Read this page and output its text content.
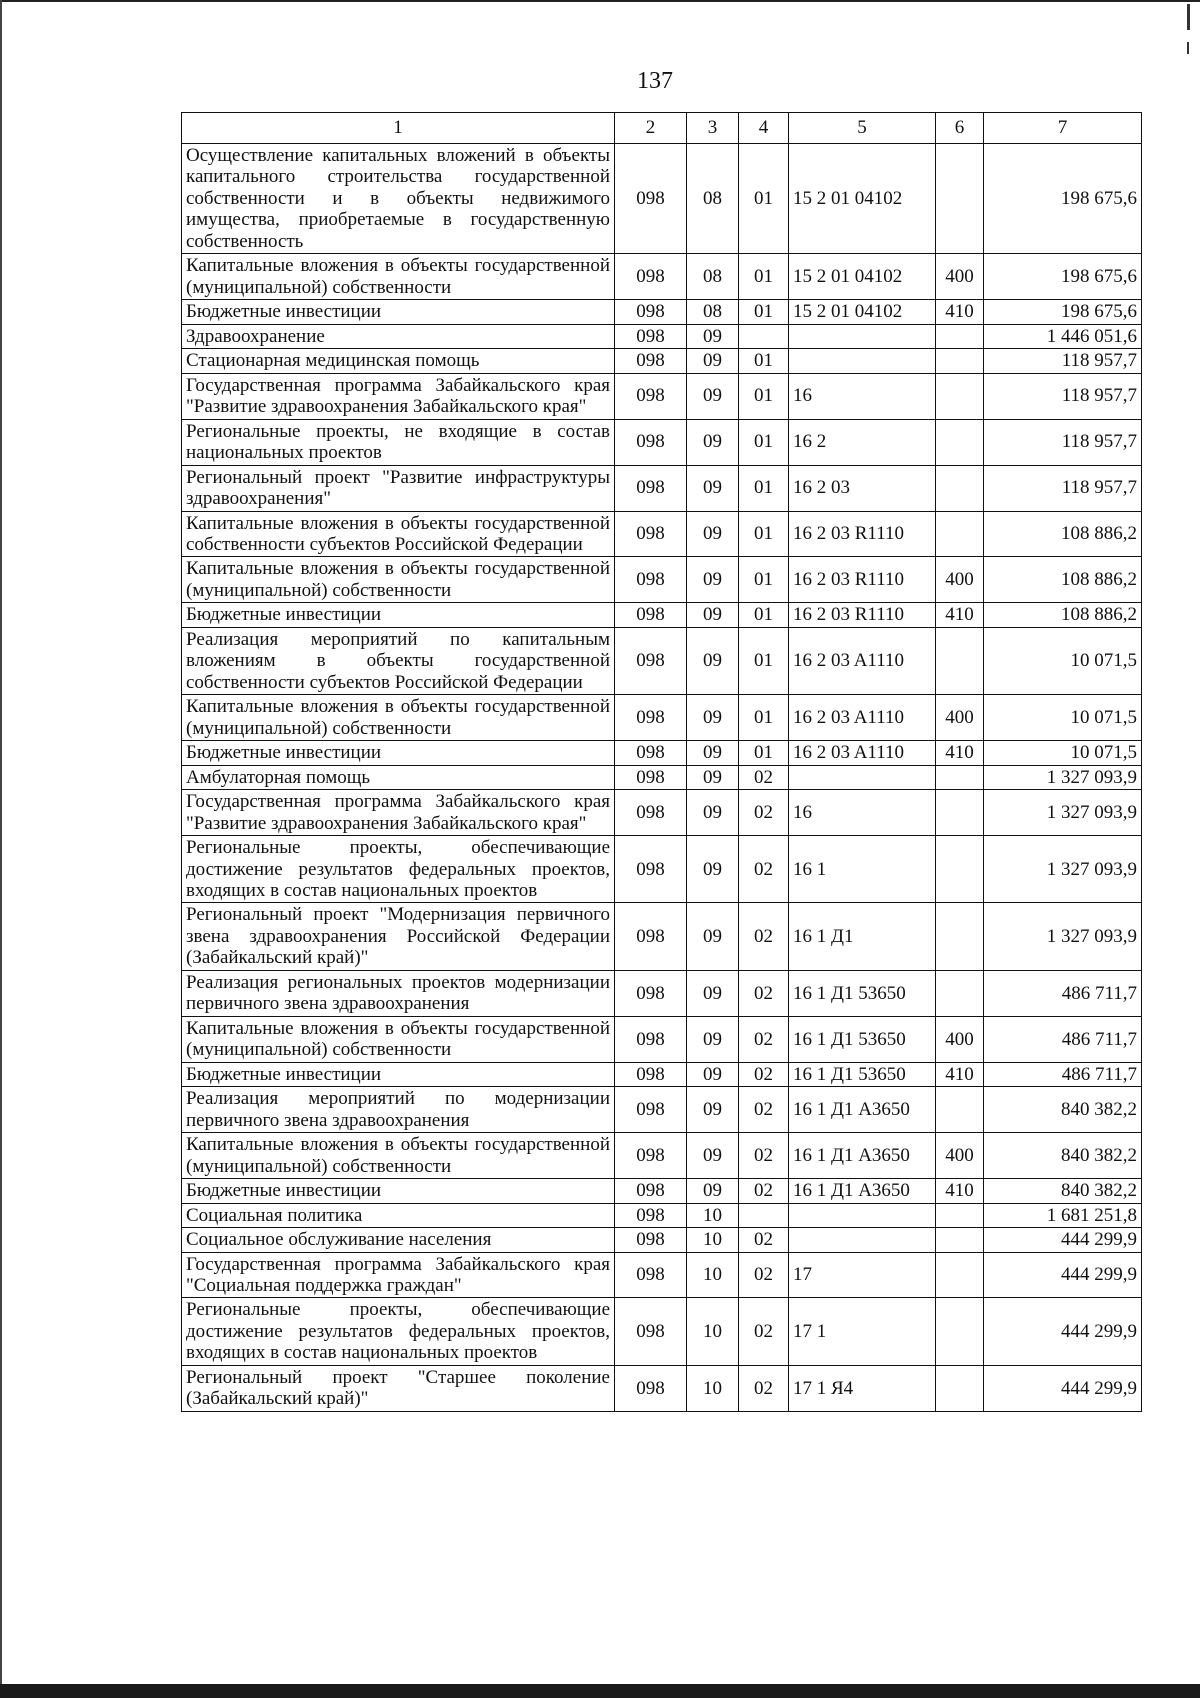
137
1	2	3	4	5	6	7
Осуществление капитальных вложений в объекты капитального строительства государственной собственности и в объекты недвижимого имущества, приобретаемые в государственную собственность	098	08	01	15 2 01 04102		198 675,6
Капитальные вложения в объекты государственной (муниципальной) собственности	098	08	01	15 2 01 04102	400	198 675,6
Бюджетные инвестиции	098	08	01	15 2 01 04102	410	198 675,6
Здравоохранение	098	09				1 446 051,6
Стационарная медицинская помощь	098	09	01			118 957,7
Государственная программа Забайкальского края "Развитие здравоохранения Забайкальского края"	098	09	01	16		118 957,7
Региональные проекты, не входящие в состав национальных проектов	098	09	01	16 2		118 957,7
Региональный проект "Развитие инфраструктуры здравоохранения"	098	09	01	16 2 03		118 957,7
Капитальные вложения в объекты государственной собственности субъектов Российской Федерации	098	09	01	16 2 03 R1110		108 886,2
Капитальные вложения в объекты государственной (муниципальной) собственности	098	09	01	16 2 03 R1110	400	108 886,2
Бюджетные инвестиции	098	09	01	16 2 03 R1110	410	108 886,2
Реализация мероприятий по капитальным вложениям в объекты государственной собственности субъектов Российской Федерации	098	09	01	16 2 03 A1110		10 071,5
Капитальные вложения в объекты государственной (муниципальной) собственности	098	09	01	16 2 03 A1110	400	10 071,5
Бюджетные инвестиции	098	09	01	16 2 03 A1110	410	10 071,5
Амбулаторная помощь	098	09	02			1 327 093,9
Государственная программа Забайкальского края "Развитие здравоохранения Забайкальского края"	098	09	02	16		1 327 093,9
Региональные проекты, обеспечивающие достижение результатов федеральных проектов, входящих в состав национальных проектов	098	09	02	16 1		1 327 093,9
Региональный проект "Модернизация первичного звена здравоохранения Российской Федерации (Забайкальский край)"	098	09	02	16 1 Д1		1 327 093,9
Реализация региональных проектов модернизации первичного звена здравоохранения	098	09	02	16 1 Д1 53650		486 711,7
Капитальные вложения в объекты государственной (муниципальной) собственности	098	09	02	16 1 Д1 53650	400	486 711,7
Бюджетные инвестиции	098	09	02	16 1 Д1 53650	410	486 711,7
Реализация мероприятий по модернизации первичного звена здравоохранения	098	09	02	16 1 Д1 А3650		840 382,2
Капитальные вложения в объекты государственной (муниципальной) собственности	098	09	02	16 1 Д1 А3650	400	840 382,2
Бюджетные инвестиции	098	09	02	16 1 Д1 А3650	410	840 382,2
Социальная политика	098	10				1 681 251,8
Социальное обслуживание населения	098	10	02			444 299,9
Государственная программа Забайкальского края "Социальная поддержка граждан"	098	10	02	17		444 299,9
Региональные проекты, обеспечивающие достижение результатов федеральных проектов, входящих в состав национальных проектов	098	10	02	17 1		444 299,9
Региональный проект "Старшее поколение (Забайкальский край)"	098	10	02	17 1 Я4		444 299,9
